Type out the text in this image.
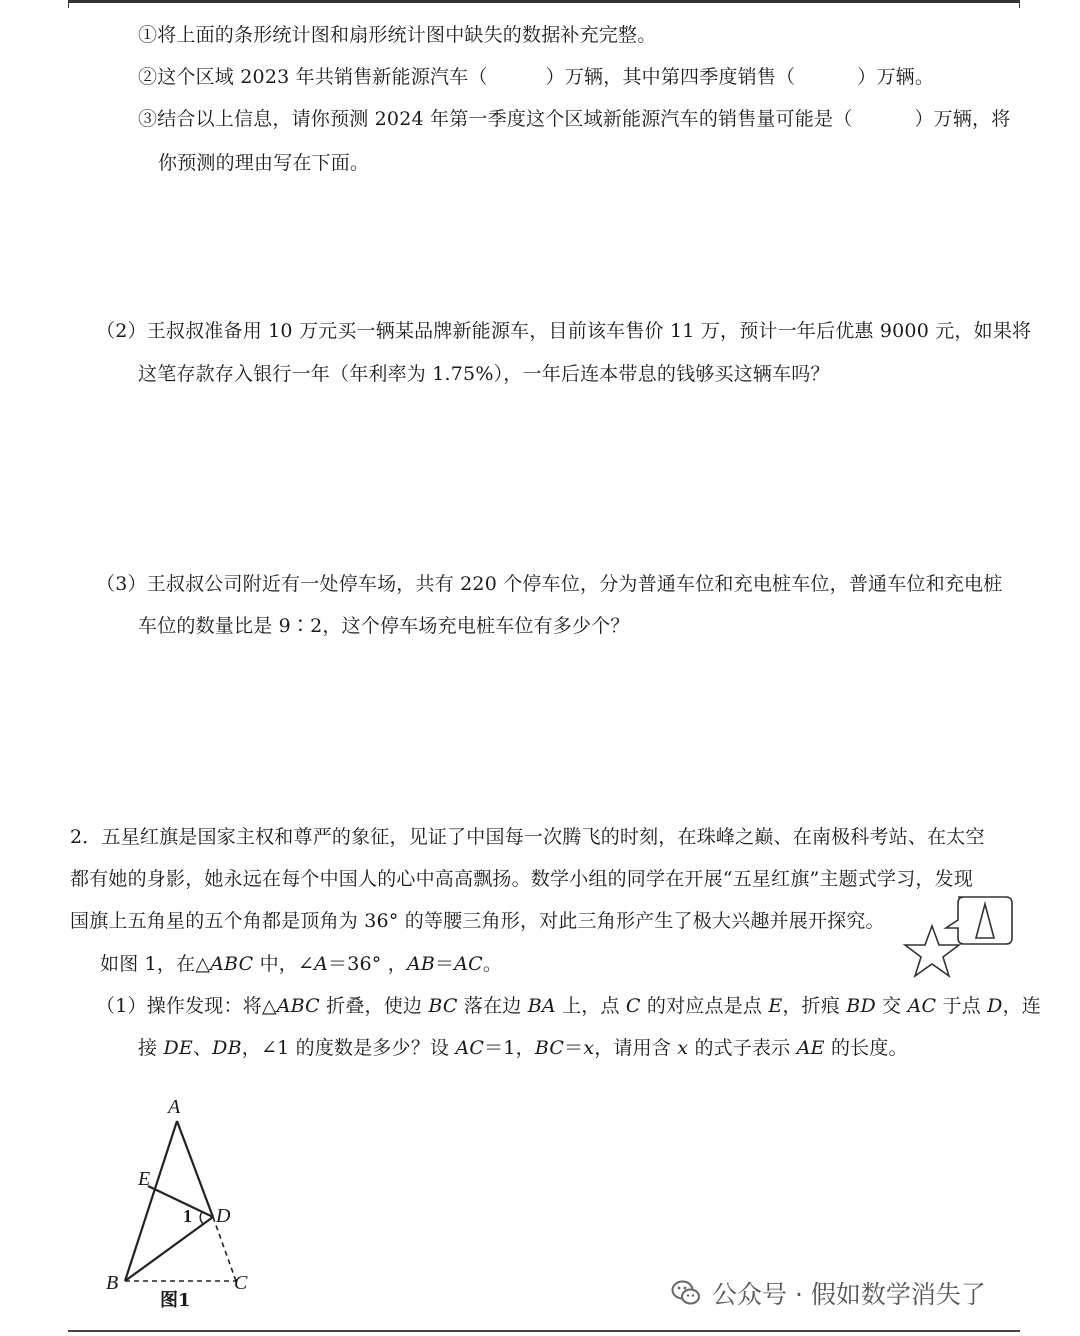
①将上面的条形统计图和扇形统计图中缺失的数据补充完整。
②这个区域 2023 年共销售新能源汽车（	）万辆，其中第四季度销售（	）万辆。
③结合以上信息，请你预测 2024 年第一季度这个区域新能源汽车的销售量可能是（	）万辆，将
你预测的理由写在下面。
（2）王叔叔准备用 10 万元买一辆某品牌新能源车，目前该车售价 11 万，预计一年后优惠 9000 元，如果将
这笔存款存入银行一年（年利率为 1.75%），一年后连本带息的钱够买这辆车吗？
（3）王叔叔公司附近有一处停车场，共有 220 个停车位，分为普通车位和充电桩车位，普通车位和充电桩
车位的数量比是 9∶2，这个停车场充电桩车位有多少个？
2．五星红旗是国家主权和尊严的象征，见证了中国每一次腾飞的时刻，在珠峰之巅、在南极科考站、在太空
都有她的身影，她永远在每个中国人的心中高高飘扬。数学小组的同学在开展“五星红旗”主题式学习，发现
国旗上五角星的五个角都是顶角为 36° 的等腰三角形，对此三角形产生了极大兴趣并展开探究。
如图 1，在△ABC 中，∠A＝36° ，AB＝AC。
（1）操作发现：将△ABC 折叠，使边 BC 落在边 BA 上，点 C 的对应点是点 E，折痕 BD 交 AC 于点 D，连
接 DE、DB，∠1 的度数是多少？设 AC＝1，BC＝x，请用含 x 的式子表示 AE 的长度。
A
E
1 D
B	C
图1	公众号 · 假如数学消失了
